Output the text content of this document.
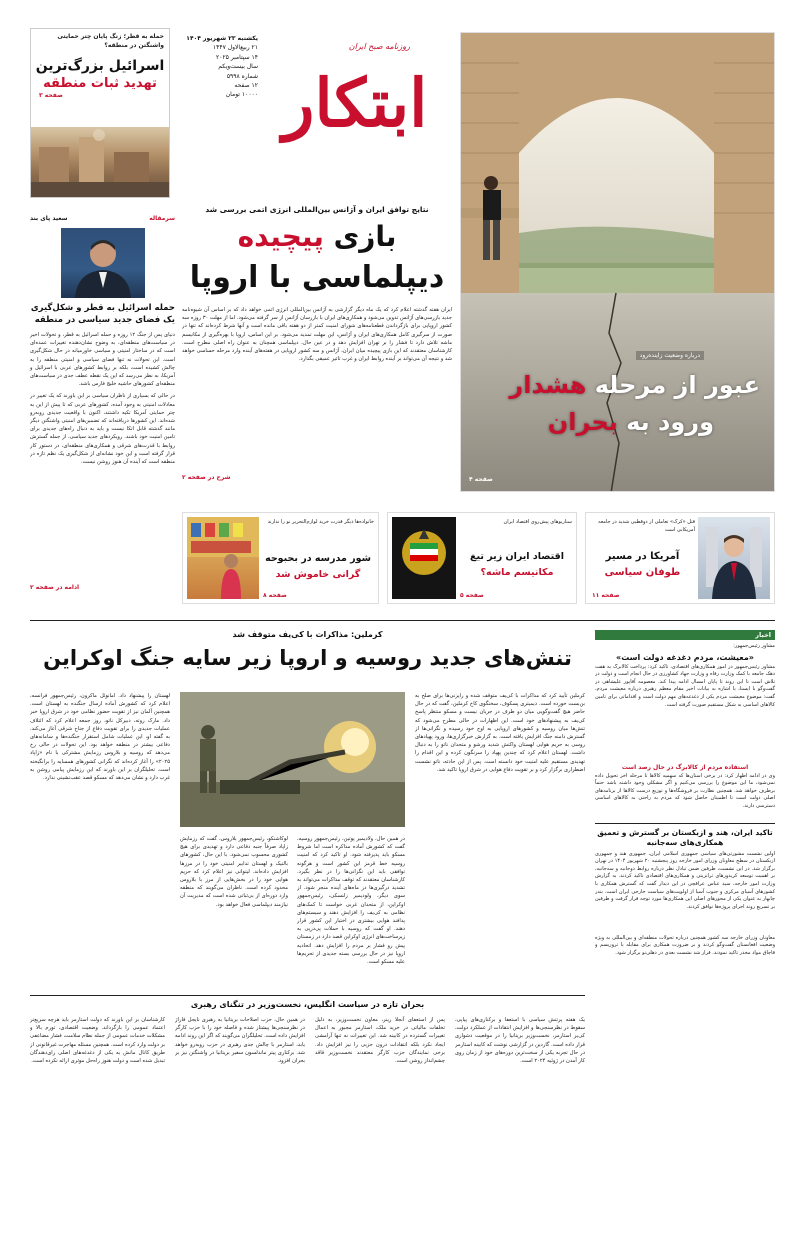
حمله به قطر؛ زنگ پایان چتر حمایتی واشنگتن در منطقه؟
اسرائیل بزرگ‌ترین
تهدید ثبات منطقه
صفحه ۳	ابتکار
روزنامه صبح ایران
یکشنبه ۲۳ شهریور ۱۴۰۴
۲۱ ربیع‌الاول ۱۴۴۷
۱۴ سپتامبر ۲۰۲۵
سال بیست‌ویکم
شماره ۵۹۹۸
۱۲ صفحه
۱۰۰۰۰ تومان
درباره وضعیت زاینده‌رود
عبور از مرحله هشدار
ورود به بحران
صفحه ۴
سرمقاله
سعید پای بند
حمله اسرائیل به قطر و شکل‌گیری یک فضای جدید سیاسی در منطقه
دنیای پس از جنگ ۱۲ روزه و حمله اسرائیل به قطر، و تحولات اخیر در سیاست‌های منطقه‌ای، به وضوح نشان‌دهنده تغییرات عمده‌ای است که در ساختار امنیتی و سیاسی خاورمیانه در حال شکل‌گیری است. این تحولات نه تنها فضای سیاسی و امنیتی منطقه را به چالش کشیده است، بلکه بر روابط کشورهای عربی با اسرائیل و آمریکا، به نظر می‌رسد که این یک نقطه عطف جدی در سیاست‌های منطقه‌ای کشورهای حاشیه خلیج فارس باشد.
در حالی که بسیاری از ناظران سیاسی بر این باورند که یک تغییر در معادلات امنیتی به وجود آمده، کشورهای عربی که تا پیش از این به چتر حمایتی آمریکا تکیه داشتند، اکنون با واقعیت جدیدی روبه‌رو شده‌اند. این کشورها دریافته‌اند که تضمین‌های امنیتی واشنگتن دیگر مانند گذشته قابل اتکا نیست و باید به دنبال راه‌های جدیدی برای تامین امنیت خود باشند. رویکردهای جدید سیاسی، از جمله گسترش روابط با قدرت‌های شرقی و همکاری‌های منطقه‌ای، در دستور کار قرار گرفته است و این خود نشانه‌ای از شکل‌گیری یک نظم تازه در منطقه است که آینده آن هنوز روشن نیست.
ادامه در صفحه ۲
نتایج توافق ایران و آژانس بین‌المللی انرژی اتمی بررسی شد
بازی پیچیده
دیپلماسی با اروپا
ایران هفته گذشته اعلام کرد که یک ماه دیگر گزارشی به آژانس بین‌المللی انرژی اتمی خواهد داد که بر اساس آن شیوه‌نامه جدید بازرسی‌های آژانس تدوین می‌شود و همکاری‌های ایران با بازرسان آژانس از سر گرفته می‌شود. اما از مهلت ۳۰ روزه سه کشور اروپایی برای بازگرداندن قطعنامه‌های شورای امنیت کمتر از دو هفته باقی مانده است و آنها شرط کرده‌اند که تنها در صورت از سرگیری کامل همکاری‌های ایران و آژانس، این مهلت تمدید می‌شود. بر این اساس، اروپا با بهره‌گیری از مکانیسم ماشه تلاش دارد تا فشار را بر تهران افزایش دهد و در عین حال، دیپلماسی همچنان به عنوان راه اصلی مطرح است. کارشناسان معتقدند که این بازی پیچیده میان ایران، آژانس و سه کشور اروپایی در هفته‌های آینده وارد مرحله حساسی خواهد شد و نتیجه آن می‌تواند بر آینده روابط ایران و غرب تاثیر عمیقی بگذارد.
شرح در صفحه ۲
قتل «کرک» تعاملی از دوقطبی شدید در جامعه آمریکایی است
آمریکا در مسیر
طوفان سیاسی
صفحه ۱۱
سناریوهای پیش‌روی اقتصاد ایران
اقتصاد ایران زیر تیغ
مکانیسم ماشه؟
صفحه ۵
خانواده‌ها دیگر قدرت خرید لوازم‌التحریر نو را ندارند
شور مدرسه در بحبوحه
گرانی خاموش شد
صفحه ۸
کرملین: مذاکرات با کی‌یف متوقف شد
تنش‌های جدید روسیه و اروپا زیر سایه جنگ اوکراین
کرملین تأیید کرد که مذاکرات با کی‌یف متوقف شده و رایزنی‌ها برای صلح به بن‌بست خورده است. دیمیتری پسکوف، سخنگوی کاخ کرملین، گفت که در حال حاضر هیچ گفت‌وگویی میان دو طرف در جریان نیست و مسکو منتظر پاسخ کی‌یف به پیشنهادهای خود است. این اظهارات در حالی مطرح می‌شود که تنش‌ها میان روسیه و کشورهای اروپایی به اوج خود رسیده و نگرانی‌ها از گسترش دامنه جنگ افزایش یافته است. به گزارش خبرگزاری‌ها، ورود پهپادهای روسی به حریم هوایی لهستان واکنش شدید ورشو و متحدان ناتو را به دنبال داشت. لهستان اعلام کرد که چندین پهپاد را سرنگون کرده و این اقدام را تهدیدی مستقیم علیه امنیت خود دانسته است. پس از این حادثه، ناتو نشست اضطراری برگزار کرد و بر تقویت دفاع هوایی در شرق اروپا تاکید شد.
در همین حال، ولادیمیر پوتین، رئیس‌جمهور روسیه، گفت که کشورش آماده مذاکره است اما شروط مسکو باید پذیرفته شود. او تاکید کرد که امنیت روسیه خط قرمز این کشور است و هرگونه توافقی باید این نگرانی‌ها را در نظر بگیرد. کارشناسان معتقدند که توقف مذاکرات می‌تواند به تشدید درگیری‌ها در ماه‌های آینده منجر شود. از سوی دیگر، ولودیمیر زلنسکی، رئیس‌جمهور اوکراین، از متحدان غربی خواست تا کمک‌های نظامی به کی‌یف را افزایش دهند و سیستم‌های پدافند هوایی بیشتری در اختیار این کشور قرار دهند. او گفت که روسیه با حملات پی‌درپی به زیرساخت‌های انرژی اوکراین قصد دارد در زمستان پیش رو فشار بر مردم را افزایش دهد. اتحادیه اروپا نیز در حال بررسی بسته جدیدی از تحریم‌ها علیه مسکو است.
لوکاشنکو، رئیس‌جمهور بلاروس، گفت که رزمایش زاپاد صرفاً جنبه دفاعی دارد و تهدیدی برای هیچ کشوری محسوب نمی‌شود. با این حال، کشورهای بالتیک و لهستان تدابیر امنیتی خود را در مرزها افزایش داده‌اند. لیتوانی نیز اعلام کرد که حریم هوایی خود را در بخش‌هایی از مرز با بلاروس محدود کرده است. ناظران می‌گویند که منطقه وارد دوره‌ای از بی‌ثباتی شده است که مدیریت آن نیازمند دیپلماسی فعال خواهد بود.
لهستان را پیشنهاد داد. امانوئل ماکرون، رئیس‌جمهور فرانسه، اعلام کرد که کشورش آماده ارسال جنگنده به لهستان است. همچنین آلمان نیز از تقویت حضور نظامی خود در شرق اروپا خبر داد. مارک روته، دبیرکل ناتو، روز جمعه اعلام کرد که ائتلاف عملیات جدیدی را برای تقویت دفاع از جناح شرقی آغاز می‌کند. به گفته او، این عملیات شامل استقرار جنگنده‌ها و سامانه‌های دفاعی بیشتر در منطقه خواهد بود. این تحولات در حالی رخ می‌دهد که روسیه و بلاروس رزمایش مشترکی با نام «زاپاد ۲۰۲۵» را آغاز کرده‌اند که نگرانی کشورهای همسایه را برانگیخته است. تحلیلگران بر این باورند که این رزمایش پیامی روشن به غرب دارد و نشان می‌دهد که مسکو قصد عقب‌نشینی ندارد.
اخبار
مشاور رئیس‌جمهور:
«معیشت، مردم دغدغه دولت است»
مشاور رئیس‌جمهور در امور همکاری‌های اقتصادی، تاکید کرد: پرداخت کالابرگ به هفت دهک جامعه با کمک وزارت رفاه و وزارت جهاد کشاورزی در حال انجام است و دولت در تلاش است تا این روند تا پایان امسال ادامه پیدا کند. معصومه آقاپور علیشاهی در گفت‌وگو با ایسنا، با اشاره به بیانات اخیر مقام معظم رهبری درباره معیشت مردم، گفت: موضوع معیشت مردم یکی از دغدغه‌های مهم دولت است و اقداماتی برای تامین کالاهای اساسی به شکل مستقیم صورت گرفته است.
استفاده مردم از کالابرگ در حال رصد است
وی در ادامه اظهار کرد: در برخی استان‌ها که سهمیه کالاها تا مرحله آخر تحویل داده نمی‌شود، ما این موضوع را بررسی می‌کنیم و اگر مشکلی وجود داشته باشد حتماً برطرف خواهد شد. همچنین نظارت بر فروشگاه‌ها و توزیع درست کالاها از برنامه‌های اصلی دولت است تا اطمینان حاصل شود که مردم به راحتی به کالاهای اساسی دسترسی دارند.
تاکید ایران، هند و ازبکستان بر گسترش و تعمیق همکاری‌های سه‌جانبه
اولین نشست مشورتی‌های سیاسی جمهوری اسلامی ایران، جمهوری هند و جمهوری ازبکستان در سطح معاونان وزرای امور خارجه روز پنجشنبه ۲۰ شهریور ۱۴۰۴ در تهران برگزار شد. در این نشست، طرفین ضمن تبادل نظر درباره روابط دوجانبه و سه‌جانبه، بر اهمیت توسعه کریدورهای ترانزیتی و همکاری‌های اقتصادی تاکید کردند. به گزارش وزارت امور خارجه، سید عباس عراقچی در این دیدار گفت که گسترش همکاری با کشورهای آسیای مرکزی و جنوب آسیا از اولویت‌های سیاست خارجی ایران است. بندر چابهار به عنوان یکی از محورهای اصلی این همکاری‌ها مورد توجه قرار گرفت و طرفین بر تسریع روند اجرای پروژه‌ها توافق کردند.
معاونان وزرای خارجه سه کشور همچنین درباره تحولات منطقه‌ای و بین‌المللی به ویژه وضعیت افغانستان گفت‌وگو کردند و بر ضرورت همکاری برای مقابله با تروریسم و قاچاق مواد مخدر تاکید نمودند. قرار شد نشست بعدی در دهلی‌نو برگزار شود.
بحران تازه در سیاست انگلیس، نخست‌وزیر در تنگنای رهبری
یک هفته پرتنش سیاسی با استعفا و برکناری‌های پیاپی، سقوط در نظرسنجی‌ها و افزایش انتقادات از عملکرد دولت، کی‌یر استارمر، نخست‌وزیر بریتانیا را در موقعیت دشواری قرار داده است. گاردین در گزارشی نوشت که کابینه استارمر در حال تجربه یکی از سخت‌ترین دوره‌های خود از زمان روی کار آمدن در ژوئیه ۲۰۲۴ است.
پس از استعفای آنجلا رینر، معاون نخست‌وزیر، به دلیل تخلفات مالیاتی در خرید ملک، استارمر مجبور به اعمال تغییرات گسترده در کابینه شد. این تغییرات نه تنها آرامشی ایجاد نکرد بلکه انتقادات درون حزبی را نیز افزایش داد. برخی نمایندگان حزب کارگر معتقدند نخست‌وزیر فاقد چشم‌انداز روشن است.
در همین حال، حزب اصلاحات بریتانیا به رهبری نایجل فاراژ در نظرسنجی‌ها پیشتاز شده و فاصله خود را با حزب کارگر افزایش داده است. تحلیلگران می‌گویند که اگر این روند ادامه یابد، استارمر با چالش جدی رهبری در حزب روبه‌رو خواهد شد. برکناری پیتر ماندلسون سفیر بریتانیا در واشنگتن نیز بر بحران افزود.
کارشناسان بر این باورند که دولت استارمر باید هرچه سریع‌تر اعتماد عمومی را بازگرداند. وضعیت اقتصادی، تورم بالا و مشکلات خدمات عمومی از جمله نظام سلامت، فشار مضاعفی بر دولت وارد کرده است. همچنین مسئله مهاجرت غیرقانونی از طریق کانال مانش به یکی از دغدغه‌های اصلی رای‌دهندگان تبدیل شده است و دولت هنوز راه‌حل موثری ارائه نکرده است.
